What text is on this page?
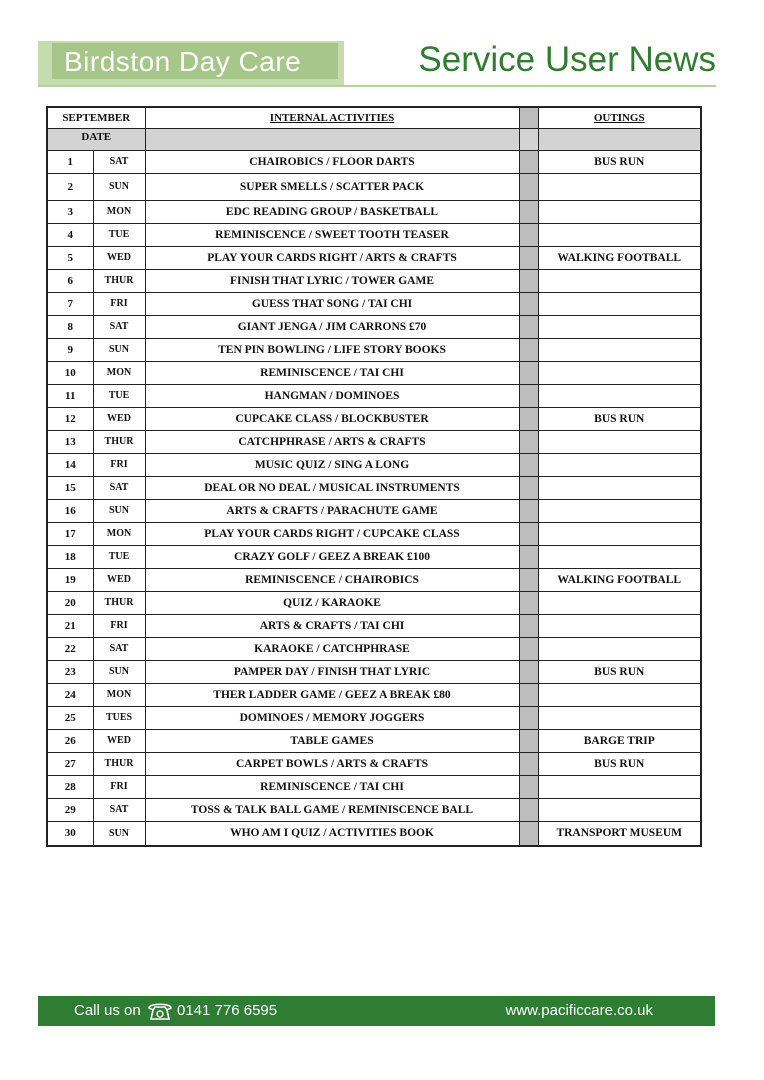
Birdston Day Care	Service User News
SEPTEMBER		INTERNAL ACTIVITIES		OUTINGS
DATE				
1	SAT	CHAIROBICS / FLOOR DARTS		BUS RUN
2	SUN	SUPER SMELLS / SCATTER PACK		
3	MON	EDC READING GROUP / BASKETBALL		
4	TUE	REMINISCENCE / SWEET TOOTH TEASER		
5	WED	PLAY YOUR CARDS RIGHT / ARTS & CRAFTS		WALKING FOOTBALL
6	THUR	FINISH THAT LYRIC / TOWER GAME		
7	FRI	GUESS THAT SONG / TAI CHI		
8	SAT	GIANT JENGA / JIM CARRONS £70		
9	SUN	TEN PIN BOWLING / LIFE STORY BOOKS		
10	MON	REMINISCENCE / TAI CHI		
11	TUE	HANGMAN / DOMINOES		
12	WED	CUPCAKE CLASS / BLOCKBUSTER		BUS RUN
13	THUR	CATCHPHRASE / ARTS & CRAFTS		
14	FRI	MUSIC QUIZ / SING A LONG		
15	SAT	DEAL OR NO DEAL / MUSICAL INSTRUMENTS		
16	SUN	ARTS & CRAFTS / PARACHUTE GAME		
17	MON	PLAY YOUR CARDS RIGHT / CUPCAKE CLASS		
18	TUE	CRAZY GOLF / GEEZ A BREAK £100		
19	WED	REMINISCENCE / CHAIROBICS		WALKING FOOTBALL
20	THUR	QUIZ / KARAOKE		
21	FRI	ARTS & CRAFTS / TAI CHI		
22	SAT	KARAOKE / CATCHPHRASE		
23	SUN	PAMPER DAY / FINISH THAT LYRIC		BUS RUN
24	MON	THER LADDER GAME / GEEZ A BREAK £80		
25	TUES	DOMINOES / MEMORY JOGGERS		
26	WED	TABLE GAMES		BARGE TRIP
27	THUR	CARPET BOWLS / ARTS & CRAFTS		BUS RUN
28	FRI	REMINISCENCE / TAI CHI		
29	SAT	TOSS & TALK BALL GAME / REMINISCENCE BALL		
30	SUN	WHO AM I QUIZ / ACTIVITIES BOOK		TRANSPORT MUSEUM
Call us on 0141 776 6595	www.pacificcare.co.uk
